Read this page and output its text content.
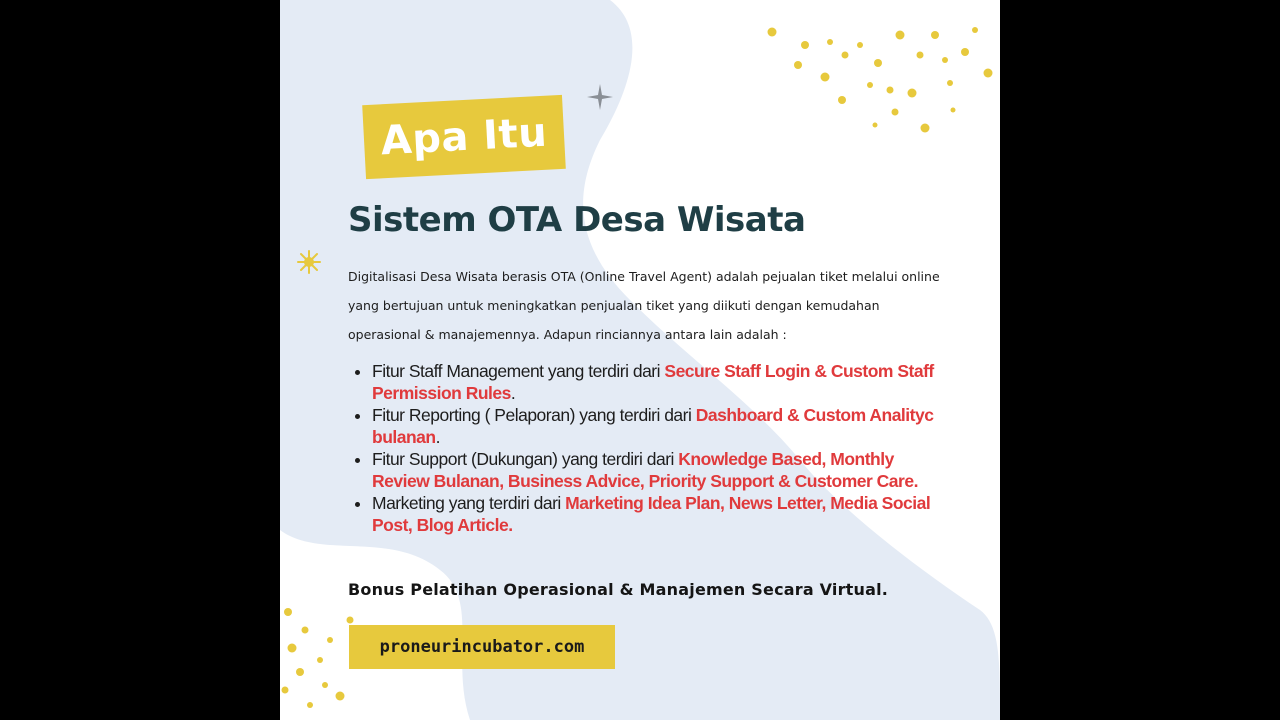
Apa Itu
Sistem OTA Desa Wisata
Digitalisasi Desa Wisata berasis OTA (Online Travel Agent) adalah pejualan tiket melalui online yang bertujuan untuk meningkatkan penjualan tiket yang diikuti dengan kemudahan operasional & manajemennya. Adapun rinciannya antara lain adalah :
• Fitur Staff Management yang terdiri dari Secure Staff Login & Custom Staff Permission Rules.
• Fitur Reporting ( Pelaporan) yang terdiri dari Dashboard & Custom Analityc bulanan.
• Fitur Support (Dukungan) yang terdiri dari Knowledge Based, Monthly Review Bulanan, Business Advice, Priority Support & Customer Care.
• Marketing yang terdiri dari Marketing Idea Plan, News Letter, Media Social Post, Blog Article.
Bonus Pelatihan Operasional & Manajemen Secara Virtual.
proneurincubator.com
